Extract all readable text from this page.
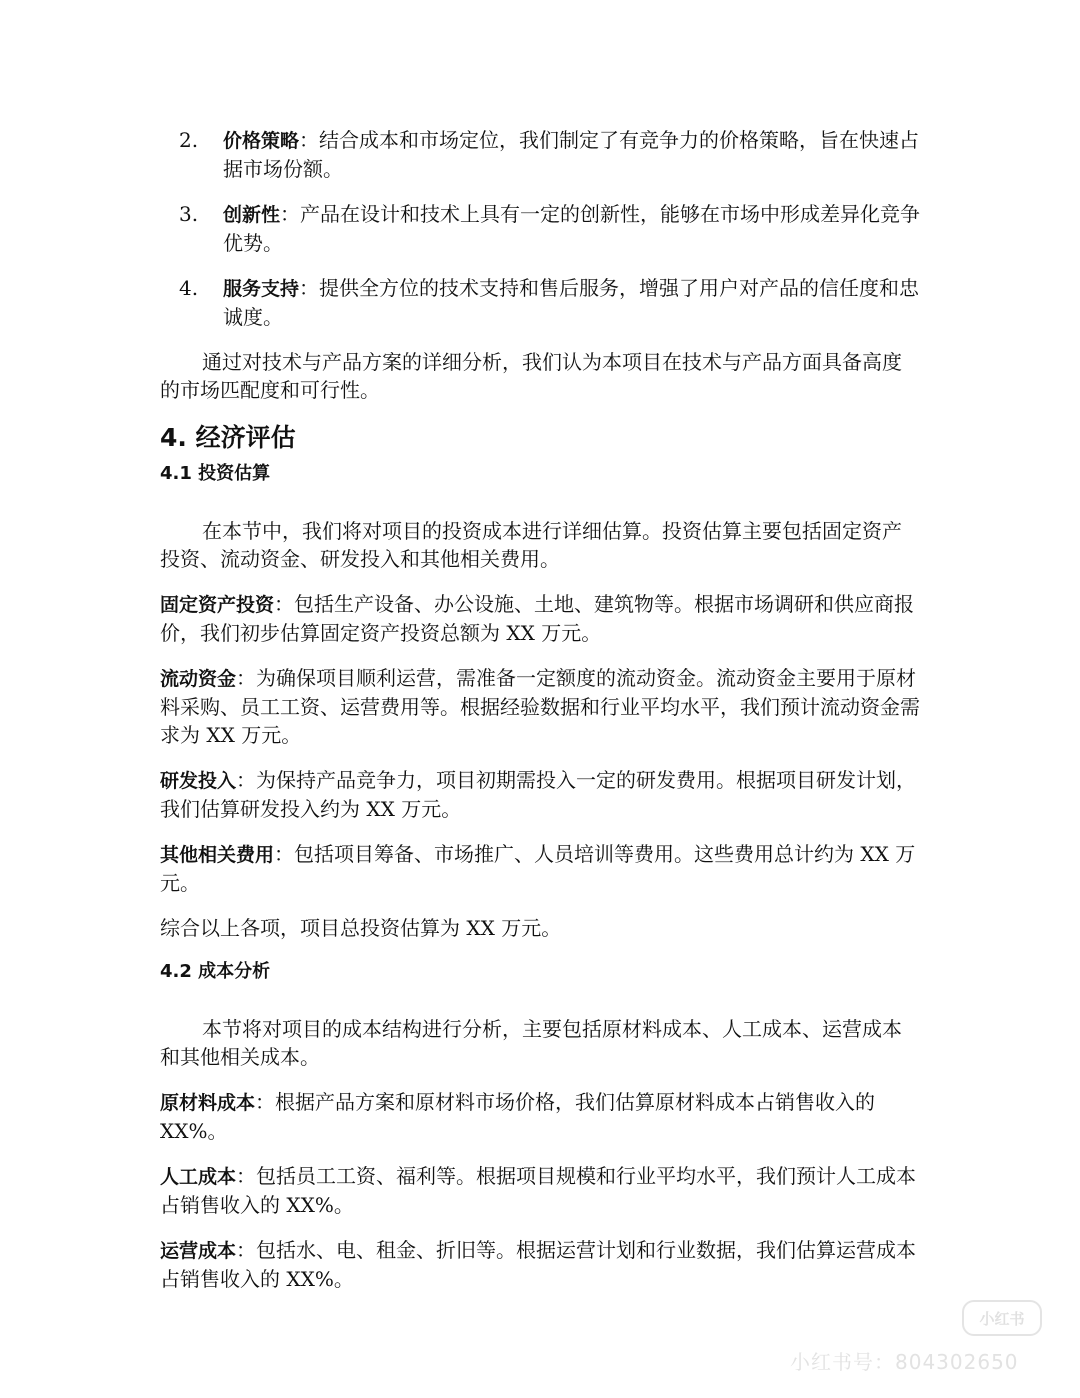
2. 价格策略：结合成本和市场定位，我们制定了有竞争力的价格策略，旨在快速占据市场份额。
3. 创新性：产品在设计和技术上具有一定的创新性，能够在市场中形成差异化竞争优势。
4. 服务支持：提供全方位的技术支持和售后服务，增强了用户对产品的信任度和忠诚度。

通过对技术与产品方案的详细分析，我们认为本项目在技术与产品方面具备高度的市场匹配度和可行性。

4. 经济评估
4.1 投资估算

在本节中，我们将对项目的投资成本进行详细估算。投资估算主要包括固定资产投资、流动资金、研发投入和其他相关费用。

固定资产投资：包括生产设备、办公设施、土地、建筑物等。根据市场调研和供应商报价，我们初步估算固定资产投资总额为 XX 万元。

流动资金：为确保项目顺利运营，需准备一定额度的流动资金。流动资金主要用于原材料采购、员工工资、运营费用等。根据经验数据和行业平均水平，我们预计流动资金需求为 XX 万元。

研发投入：为保持产品竞争力，项目初期需投入一定的研发费用。根据项目研发计划，我们估算研发投入约为 XX 万元。

其他相关费用：包括项目筹备、市场推广、人员培训等费用。这些费用总计约为 XX 万元。

综合以上各项，项目总投资估算为 XX 万元。

4.2 成本分析

本节将对项目的成本结构进行分析，主要包括原材料成本、人工成本、运营成本和其他相关成本。

原材料成本：根据产品方案和原材料市场价格，我们估算原材料成本占销售收入的 XX%。

人工成本：包括员工工资、福利等。根据项目规模和行业平均水平，我们预计人工成本占销售收入的 XX%。

运营成本：包括水、电、租金、折旧等。根据运营计划和行业数据，我们估算运营成本占销售收入的 XX%。

小红书
小红书号：804302650
